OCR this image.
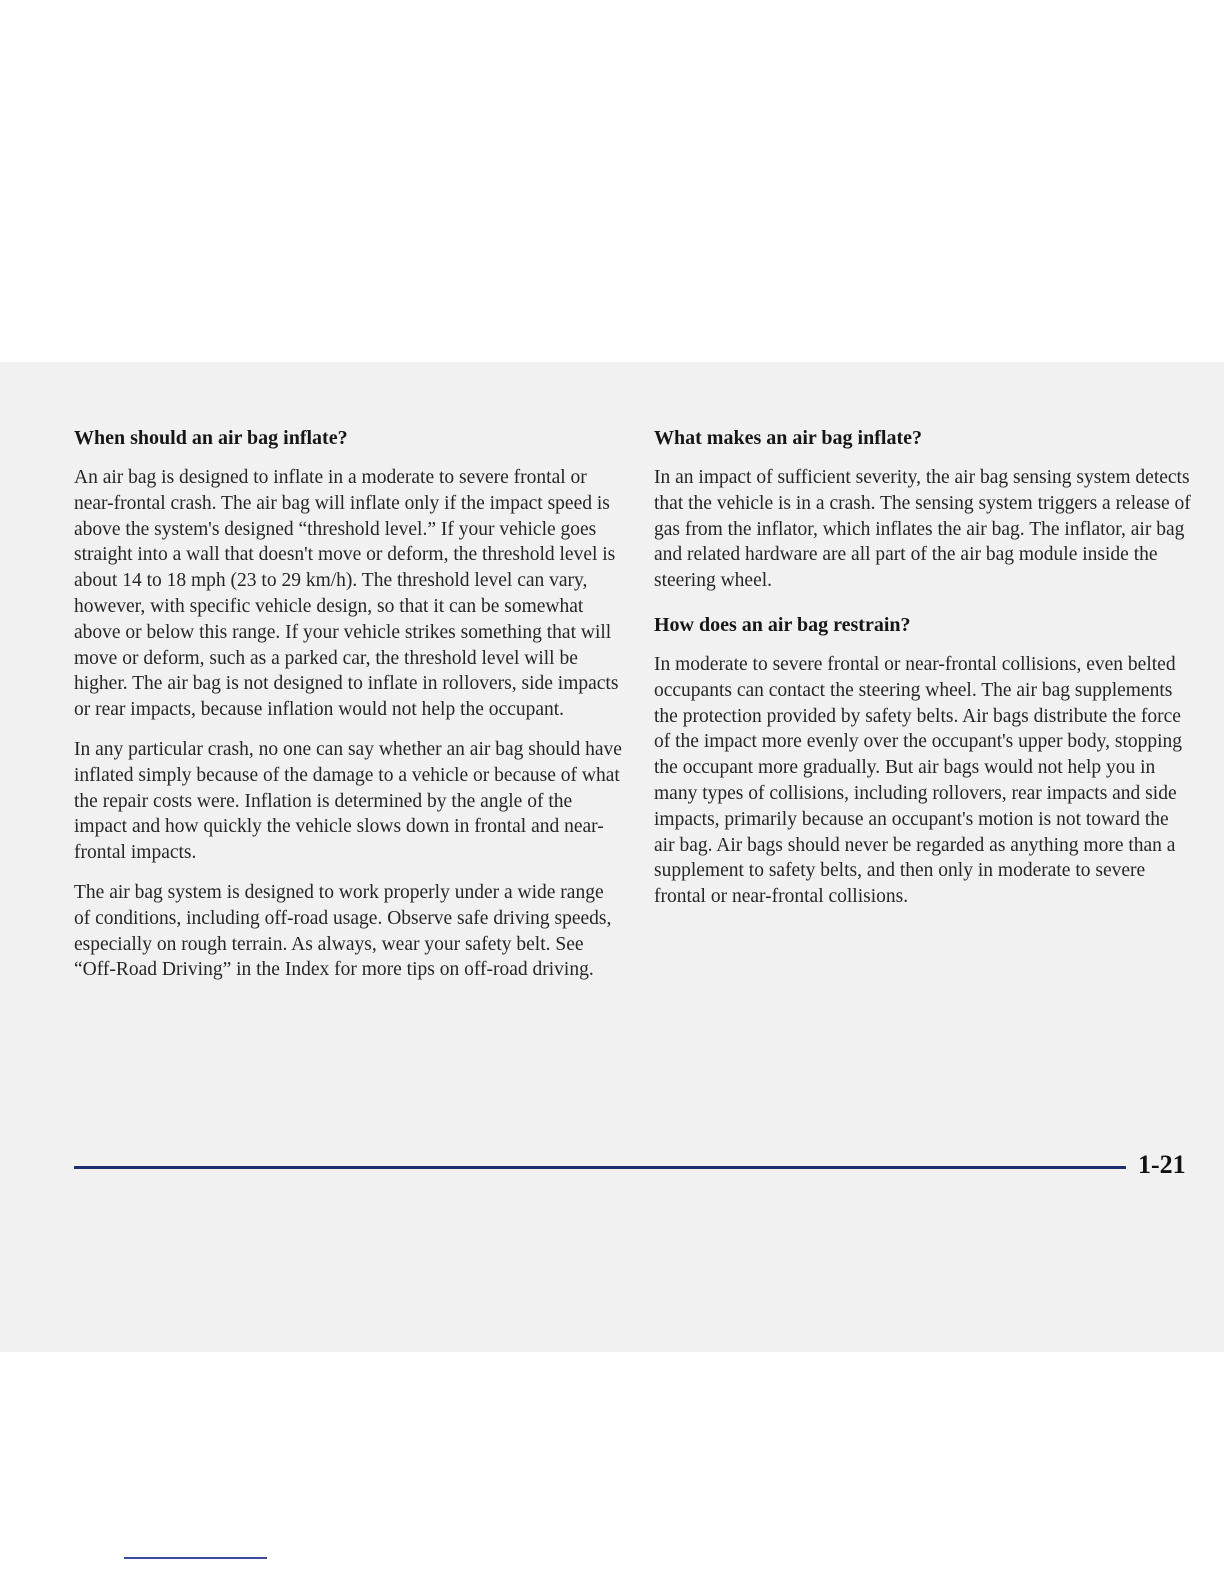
When should an air bag inflate?

An air bag is designed to inflate in a moderate to severe frontal or near-frontal crash. The air bag will inflate only if the impact speed is above the system's designed “threshold level.” If your vehicle goes straight into a wall that doesn't move or deform, the threshold level is about 14 to 18 mph (23 to 29 km/h). The threshold level can vary, however, with specific vehicle design, so that it can be somewhat above or below this range. If your vehicle strikes something that will move or deform, such as a parked car, the threshold level will be higher. The air bag is not designed to inflate in rollovers, side impacts or rear impacts, because inflation would not help the occupant.

In any particular crash, no one can say whether an air bag should have inflated simply because of the damage to a vehicle or because of what the repair costs were. Inflation is determined by the angle of the impact and how quickly the vehicle slows down in frontal and near-frontal impacts.

The air bag system is designed to work properly under a wide range of conditions, including off-road usage. Observe safe driving speeds, especially on rough terrain. As always, wear your safety belt. See “Off-Road Driving” in the Index for more tips on off-road driving.

What makes an air bag inflate?

In an impact of sufficient severity, the air bag sensing system detects that the vehicle is in a crash. The sensing system triggers a release of gas from the inflator, which inflates the air bag. The inflator, air bag and related hardware are all part of the air bag module inside the steering wheel.

How does an air bag restrain?

In moderate to severe frontal or near-frontal collisions, even belted occupants can contact the steering wheel. The air bag supplements the protection provided by safety belts. Air bags distribute the force of the impact more evenly over the occupant's upper body, stopping the occupant more gradually. But air bags would not help you in many types of collisions, including rollovers, rear impacts and side impacts, primarily because an occupant's motion is not toward the air bag. Air bags should never be regarded as anything more than a supplement to safety belts, and then only in moderate to severe frontal or near-frontal collisions.

1-21
